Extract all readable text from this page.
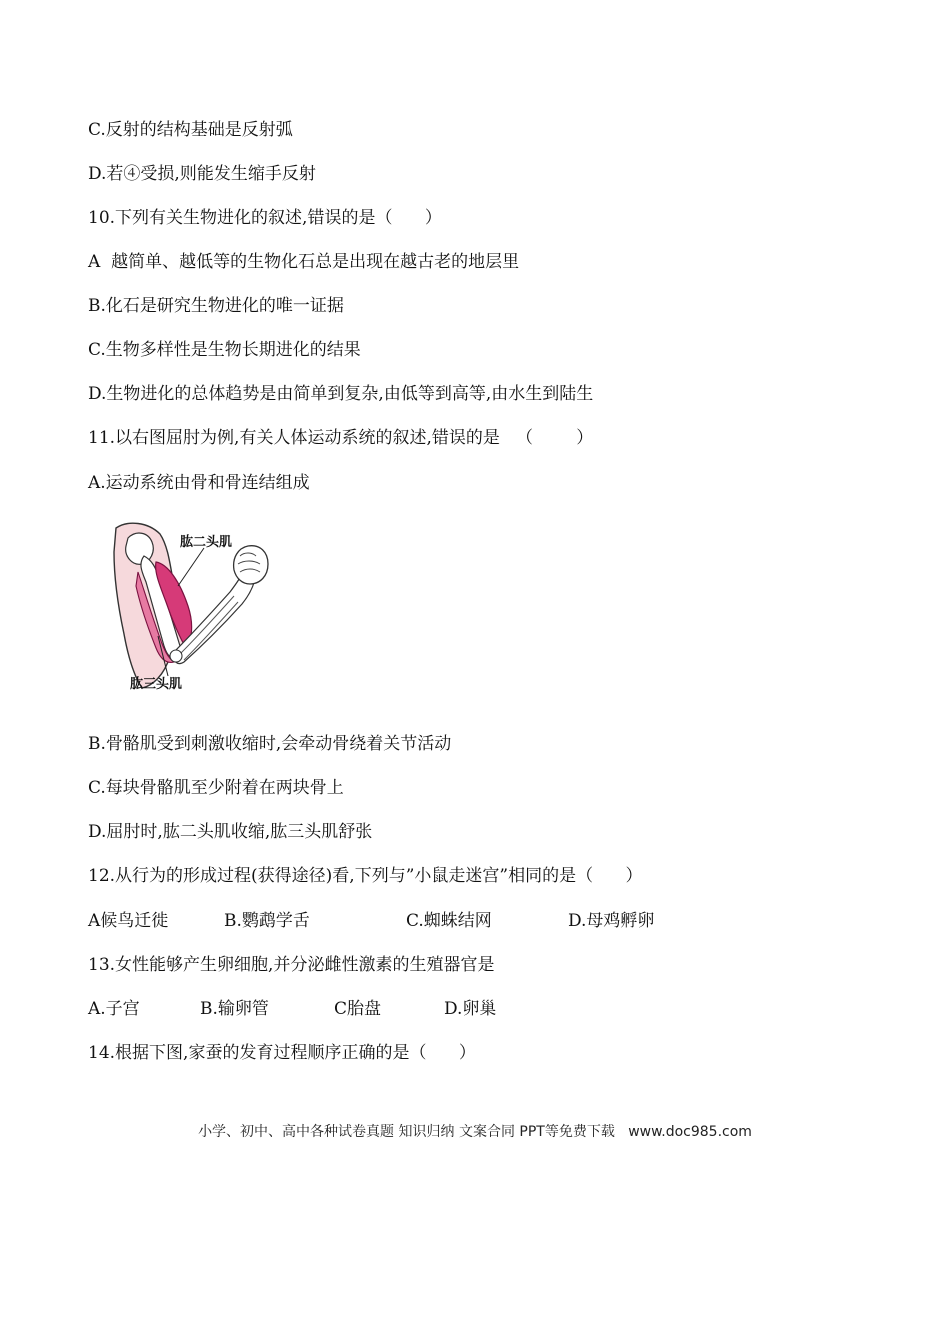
C.反射的结构基础是反射弧
D.若④受损,则能发生缩手反射
10.下列有关生物进化的叙述,错误的是（      ）
A  越简单、越低等的生物化石总是出现在越古老的地层里
B.化石是研究生物进化的唯一证据
C.生物多样性是生物长期进化的结果
D.生物进化的总体趋势是由简单到复杂,由低等到高等,由水生到陆生
11.以右图屈肘为例,有关人体运动系统的叙述,错误的是   （        ）
A.运动系统由骨和骨连结组成
肱二头肌
肱三头肌
B.骨骼肌受到刺激收缩时,会牵动骨绕着关节活动
C.每块骨骼肌至少附着在两块骨上
D.屈肘时,肱二头肌收缩,肱三头肌舒张
12.从行为的形成过程(获得途径)看,下列与”小鼠走迷宫”相同的是（      ）
A候鸟迁徙	B.鹦鹉学舌	C.蜘蛛结网	D.母鸡孵卵
13.女性能够产生卵细胞,并分泌雌性激素的生殖器官是
A.子宫	B.输卵管	C胎盘	D.卵巢
14.根据下图,家蚕的发育过程顺序正确的是（      ）
小学、初中、高中各种试卷真题 知识归纳 文案合同 PPT等免费下载   www.doc985.com
